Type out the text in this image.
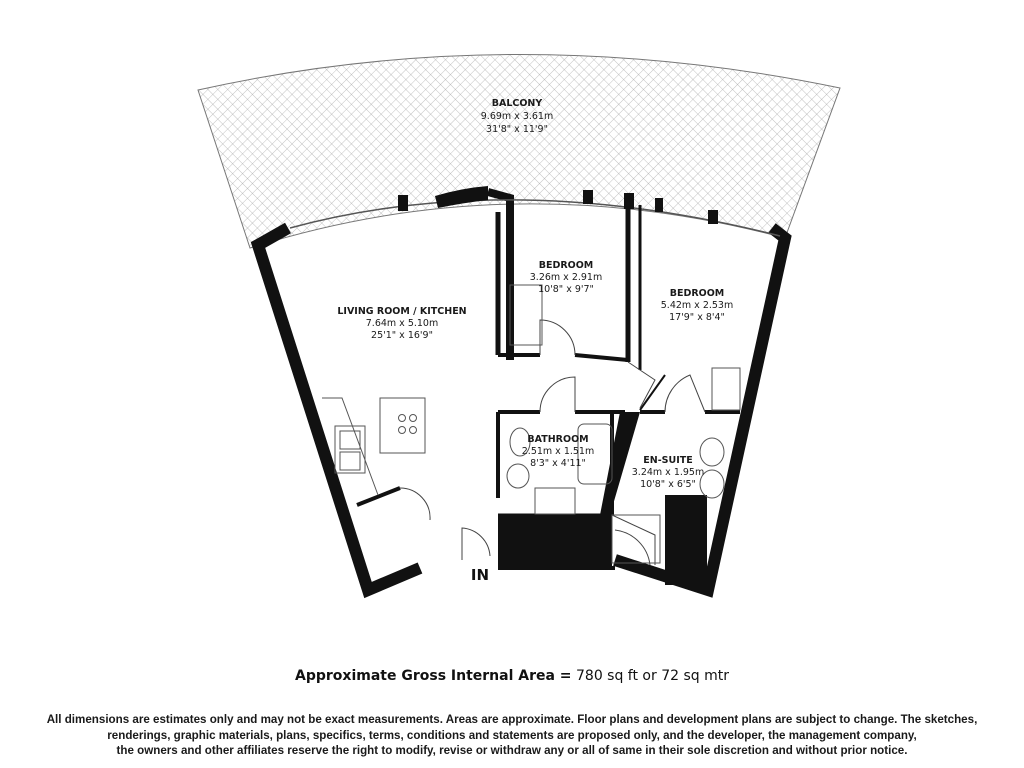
BALCONY
9.69m x 3.61m
31'8" x 11'9"
BEDROOM
3.26m x 2.91m
10'8" x 9'7"	BEDROOM
5.42m x 2.53m
17'9" x 8'4"
LIVING ROOM / KITCHEN
7.64m x 5.10m
25'1" x 16'9"
BATHROOM
2.51m x 1.51m
8'3" x 4'11"	EN-SUITE
3.24m x 1.95m
10'8" x 6'5"
IN
Approximate Gross Internal Area = 780 sq ft or 72 sq mtr
All dimensions are estimates only and may not be exact measurements. Areas are approximate. Floor plans and development plans are subject to change. The sketches,
renderings, graphic materials, plans, specifics, terms, conditions and statements are proposed only, and the developer, the management company,
the owners and other affiliates reserve the right to modify, revise or withdraw any or all of same in their sole discretion and without prior notice.
